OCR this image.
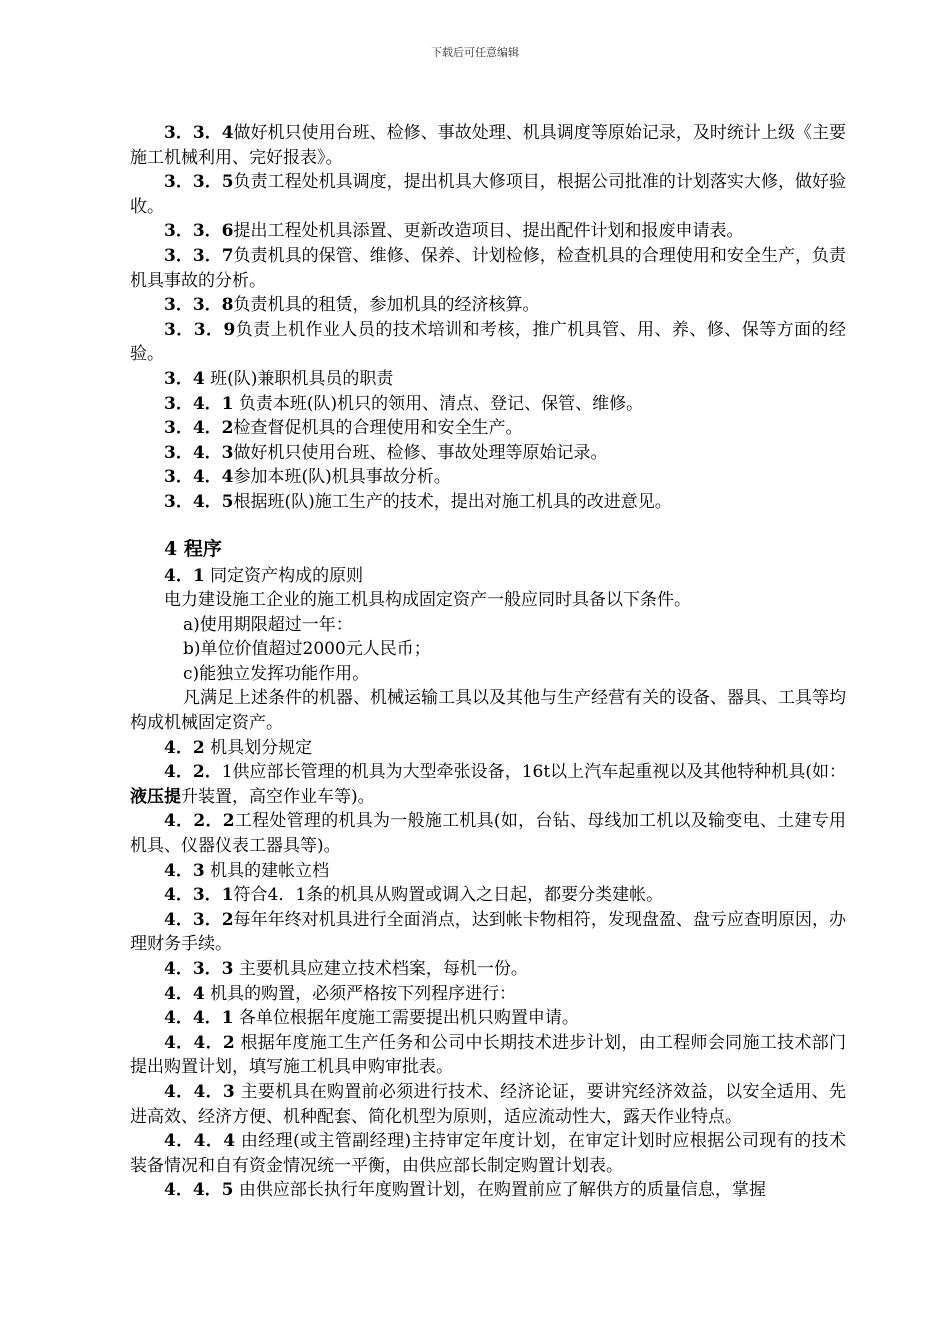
下载后可任意编辑

3．3．4做好机只使用台班、检修、事故处理、机具调度等原始记录，及时统计上级《主要施工机械利用、完好报表》。

3．3．5负责工程处机具调度，提出机具大修项目，根据公司批准的计划落实大修，做好验收。

3．3．6提出工程处机具添置、更新改造项目、提出配件计划和报废申请表。

3．3．7负责机具的保管、维修、保养、计划检修，检查机具的合理使用和安全生产，负责机具事故的分析。

3．3．8负责机具的租赁，参加机具的经济核算。

3．3．9负责上机作业人员的技术培训和考核，推广机具管、用、养、修、保等方面的经验。

3．4 班(队)兼职机具员的职责

3．4．1 负责本班(队)机只的领用、清点、登记、保管、维修。

3．4．2检查督促机具的合理使用和安全生产。

3．4．3做好机只使用台班、检修、事故处理等原始记录。

3．4．4参加本班(队)机具事故分析。

3．4．5根据班(队)施工生产的技术，提出对施工机具的改进意见。

4 程序

4．1 同定资产构成的原则

电力建设施工企业的施工机具构成固定资产一般应同时具备以下条件。

a)使用期限超过一年：

b)单位价值超过2000元人民币；

c)能独立发挥功能作用。

凡满足上述条件的机器、机械运输工具以及其他与生产经营有关的设备、器具、工具等均构成机械固定资产。

4．2 机具划分规定

4．2．1供应部长管理的机具为大型牵张设备，16t以上汽车起重视以及其他特种机具(如：液压提升装置，高空作业车等)。

4．2．2工程处管理的机具为一般施工机具(如，台钻、母线加工机以及输变电、土建专用机具、仪器仪表工器具等)。

4．3 机具的建帐立档

4．3．1符合4．1条的机具从购置或调入之日起，都要分类建帐。

4．3．2每年年终对机具进行全面消点，达到帐卡物相符，发现盘盈、盘亏应查明原因，办理财务手续。

4．3．3 主要机具应建立技术档案，每机一份。

4．4 机具的购置，必须严格按下列程序进行：

4．4．1 各单位根据年度施工需要提出机只购置申请。

4．4．2 根据年度施工生产任务和公司中长期技术进步计划，由工程师会同施工技术部门提出购置计划，填写施工机具申购审批表。

4．4．3 主要机具在购置前必须进行技术、经济论证，要讲究经济效益，以安全适用、先进高效、经济方便、机种配套、简化机型为原则，适应流动性大，露天作业特点。

4．4．4 由经理(或主管副经理)主持审定年度计划，在审定计划时应根据公司现有的技术装备情况和自有资金情况统一平衡，由供应部长制定购置计划表。

4．4．5 由供应部长执行年度购置计划，在购置前应了解供方的质量信息，掌握
